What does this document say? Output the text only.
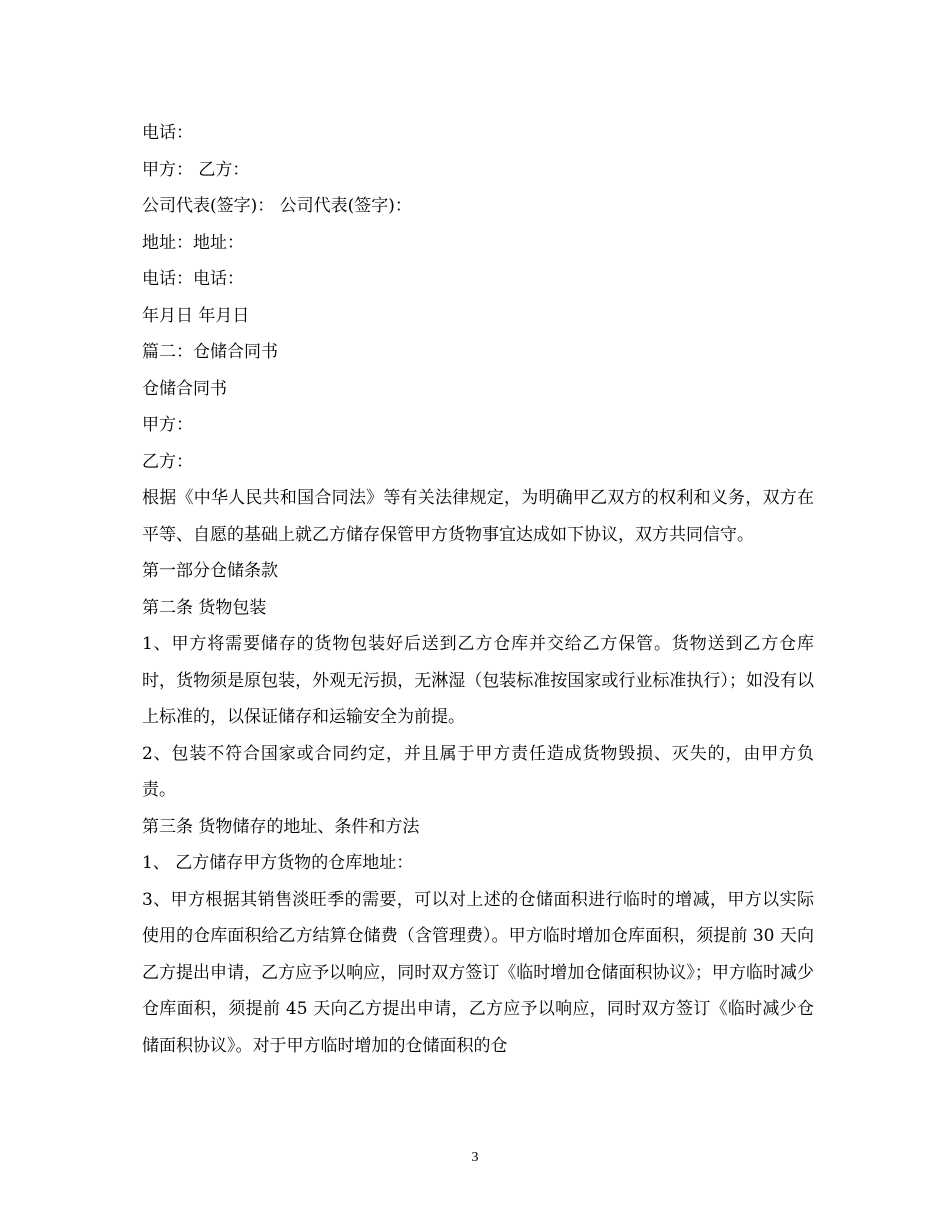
电话：
甲方： 乙方：
公司代表(签字)： 公司代表(签字)：
地址：地址：
电话：电话：
年月日 年月日
篇二：仓储合同书
仓储合同书
甲方：
乙方：

根据《中华人民共和国合同法》等有关法律规定，为明确甲乙双方的权利和义务，双方在平等、自愿的基础上就乙方储存保管甲方货物事宜达成如下协议，双方共同信守。

第一部分仓储条款

第二条 货物包装

1、甲方将需要储存的货物包装好后送到乙方仓库并交给乙方保管。货物送到乙方仓库时，货物须是原包装，外观无污损，无淋湿（包装标准按国家或行业标准执行）；如没有以上标准的，以保证储存和运输安全为前提。

2、包装不符合国家或合同约定，并且属于甲方责任造成货物毁损、灭失的，由甲方负责。

第三条 货物储存的地址、条件和方法

1、 乙方储存甲方货物的仓库地址：

3、甲方根据其销售淡旺季的需要，可以对上述的仓储面积进行临时的增减，甲方以实际使用的仓库面积给乙方结算仓储费（含管理费）。甲方临时增加仓库面积，须提前 30 天向乙方提出申请，乙方应予以响应，同时双方签订《临时增加仓储面积协议》；甲方临时减少仓库面积，须提前 45 天向乙方提出申请，乙方应予以响应，同时双方签订《临时减少仓储面积协议》。对于甲方临时增加的仓储面积的仓

3
